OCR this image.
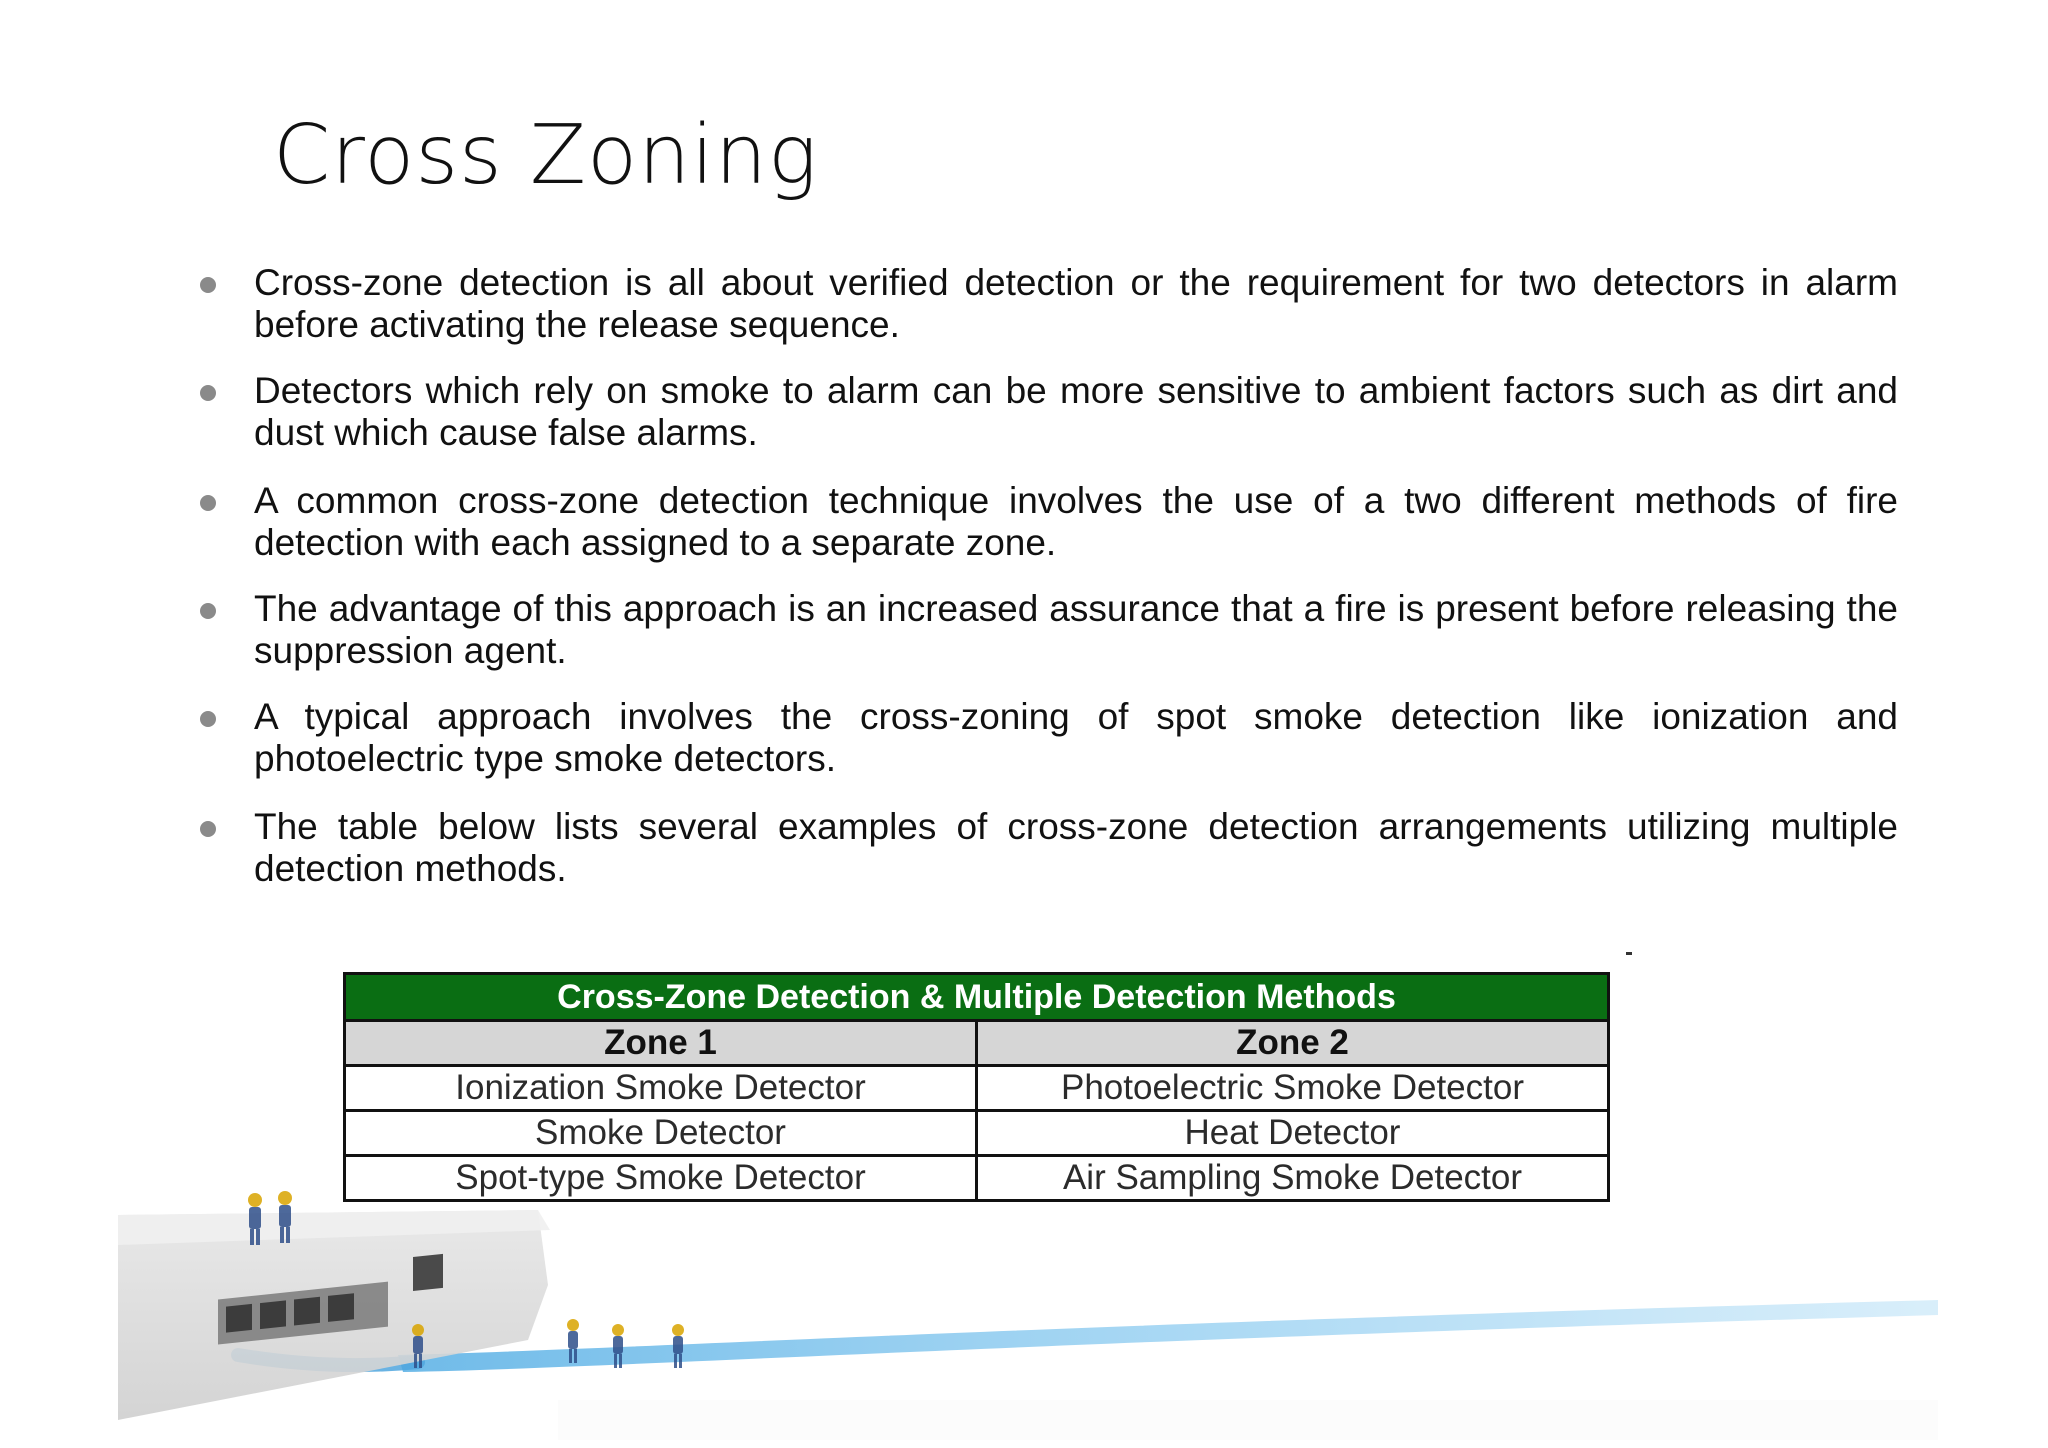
Cross Zoning
Cross-zone detection is all about verified detection or the requirement for two detectors in alarm before activating the release sequence.
Detectors which rely on smoke to alarm can be more sensitive to ambient factors such as dirt and dust which cause false alarms.
A common cross-zone detection technique involves the use of a two different methods of fire detection with each assigned to a separate zone.
The advantage of this approach is an increased assurance that a fire is present before releasing the suppression agent.
A typical approach involves the cross-zoning of spot smoke detection like ionization and photoelectric type smoke detectors.
The table below lists several examples of cross-zone detection arrangements utilizing multiple detection methods.
Cross-Zone Detection & Multiple Detection Methods	
Zone 1	Zone 2
Ionization Smoke Detector	Photoelectric Smoke Detector
Smoke Detector	Heat Detector
Spot-type Smoke Detector	Air Sampling Smoke Detector
